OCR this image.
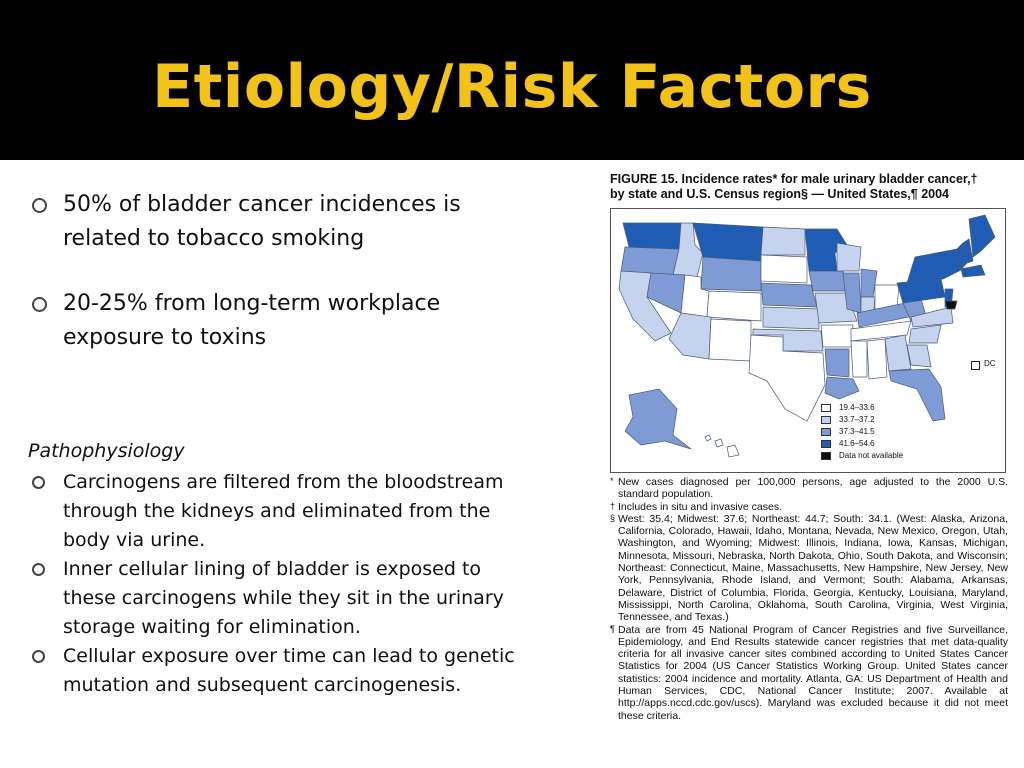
Etiology/Risk Factors
50% of bladder cancer incidences is related to tobacco smoking
20-25% from long-term workplace exposure to toxins
Pathophysiology
Carcinogens are filtered from the bloodstream through the kidneys and eliminated from the body via urine.
Inner cellular lining of bladder is exposed to these carcinogens while they sit in the urinary storage waiting for elimination.
Cellular exposure over time can lead to genetic mutation and subsequent carcinogenesis.
FIGURE 15. Incidence rates* for male urinary bladder cancer,†
by state and U.S. Census region§ — United States,¶ 2004
DC
19.4–33.6
33.7–37.2
37.3–41.5
41.6–54.6
Data not available
* New cases diagnosed per 100,000 persons, age adjusted to the 2000 U.S. standard population.
† Includes in situ and invasive cases.
§ West: 35.4; Midwest: 37.6; Northeast: 44.7; South: 34.1. (West: Alaska, Arizona, California, Colorado, Hawaii, Idaho, Montana, Nevada, New Mexico, Oregon, Utah, Washington, and Wyoming; Midwest: Illinois, Indiana, Iowa, Kansas, Michigan, Minnesota, Missouri, Nebraska, North Dakota, Ohio, South Dakota, and Wisconsin; Northeast: Connecticut, Maine, Massachusetts, New Hampshire, New Jersey, New York, Pennsylvania, Rhode Island, and Vermont; South: Alabama, Arkansas, Delaware, District of Columbia, Florida, Georgia, Kentucky, Louisiana, Maryland, Mississippi, North Carolina, Oklahoma, South Carolina, Virginia, West Virginia, Tennessee, and Texas.)
¶ Data are from 45 National Program of Cancer Registries and five Surveillance, Epidemiology, and End Results statewide cancer registries that met data-quality criteria for all invasive cancer sites combined according to United States Cancer Statistics for 2004 (US Cancer Statistics Working Group. United States cancer statistics: 2004 incidence and mortality. Atlanta, GA: US Department of Health and Human Services, CDC, National Cancer Institute; 2007. Available at http://apps.nccd.cdc.gov/uscs). Maryland was excluded because it did not meet these criteria.
